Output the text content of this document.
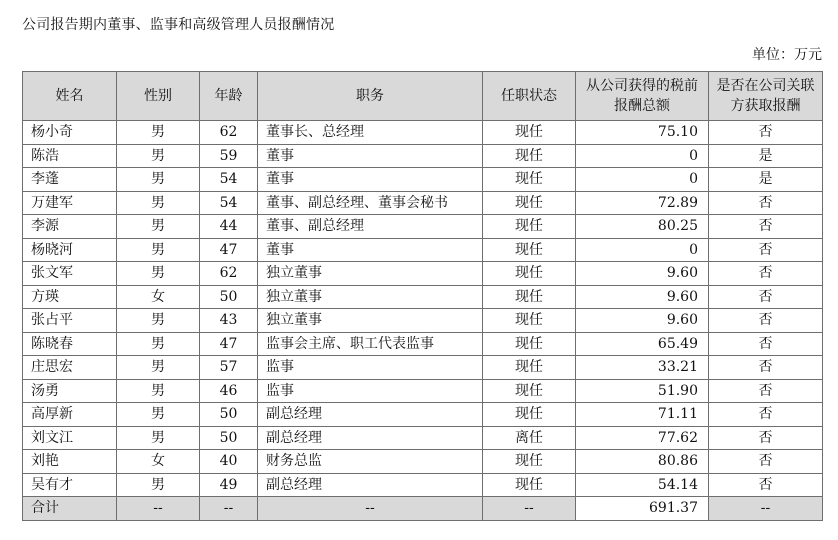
公司报告期内董事、监事和高级管理人员报酬情况
单位：万元
姓名	性别	年龄	职务	任职状态	从公司获得的税前报酬总额	是否在公司关联方获取报酬
杨小奇	男	62	董事长、总经理	现任	75.10	否
陈浩	男	59	董事	现任	0	是
李蓬	男	54	董事	现任	0	是
万建军	男	54	董事、副总经理、董事会秘书	现任	72.89	否
李源	男	44	董事、副总经理	现任	80.25	否
杨晓河	男	47	董事	现任	0	否
张文军	男	62	独立董事	现任	9.60	否
方瑛	女	50	独立董事	现任	9.60	否
张占平	男	43	独立董事	现任	9.60	否
陈晓春	男	47	监事会主席、职工代表监事	现任	65.49	否
庄思宏	男	57	监事	现任	33.21	否
汤勇	男	46	监事	现任	51.90	否
高厚新	男	50	副总经理	现任	71.11	否
刘文江	男	50	副总经理	离任	77.62	否
刘艳	女	40	财务总监	现任	80.86	否
吴有才	男	49	副总经理	现任	54.14	否
合计	--	--	--	--	691.37	--
